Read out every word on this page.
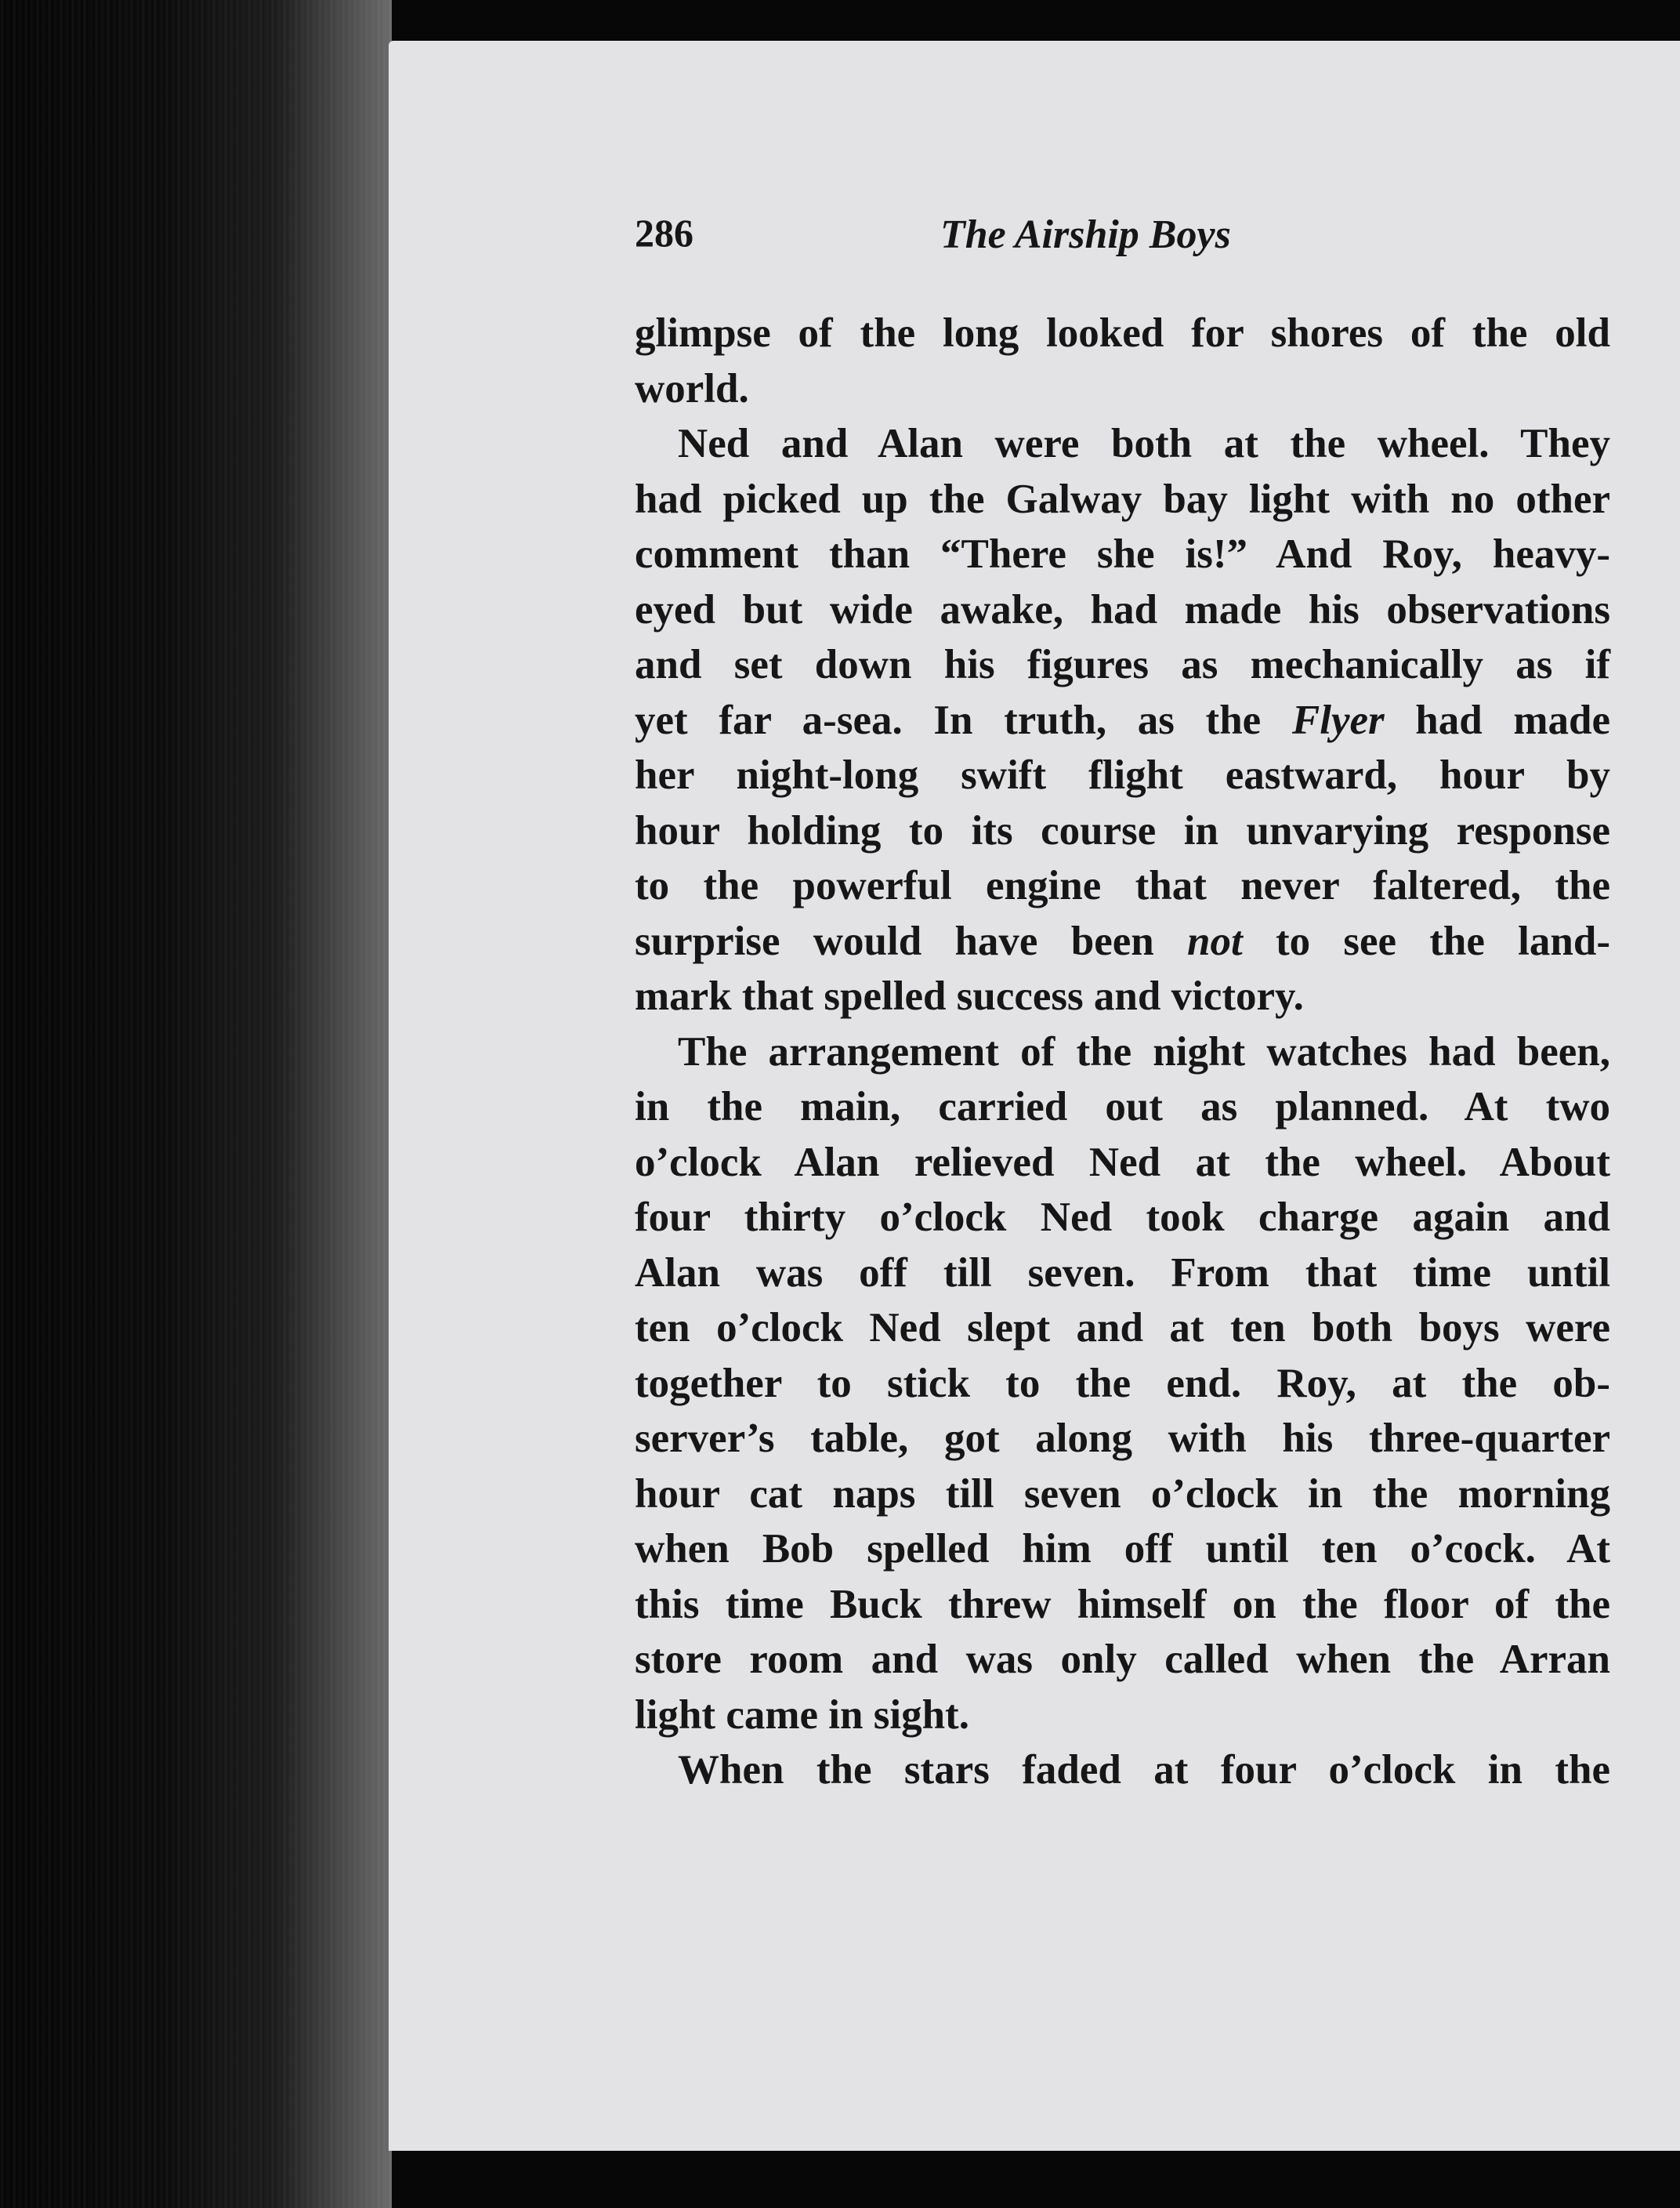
286	The Airship Boys
glimpse of the long looked for shores of the old
world.
Ned and Alan were both at the wheel. They
had picked up the Galway bay light with no other
comment than “There she is!” And Roy, heavy-
eyed but wide awake, had made his observations
and set down his figures as mechanically as if
yet far a-sea. In truth, as the Flyer had made
her night-long swift flight eastward, hour by
hour holding to its course in unvarying response
to the powerful engine that never faltered, the
surprise would have been not to see the land-
mark that spelled success and victory.
The arrangement of the night watches had been,
in the main, carried out as planned. At two
o’clock Alan relieved Ned at the wheel. About
four thirty o’clock Ned took charge again and
Alan was off till seven. From that time until
ten o’clock Ned slept and at ten both boys were
together to stick to the end. Roy, at the ob-
server’s table, got along with his three-quarter
hour cat naps till seven o’clock in the morning
when Bob spelled him off until ten o’cock. At
this time Buck threw himself on the floor of the
store room and was only called when the Arran
light came in sight.
When the stars faded at four o’clock in the
